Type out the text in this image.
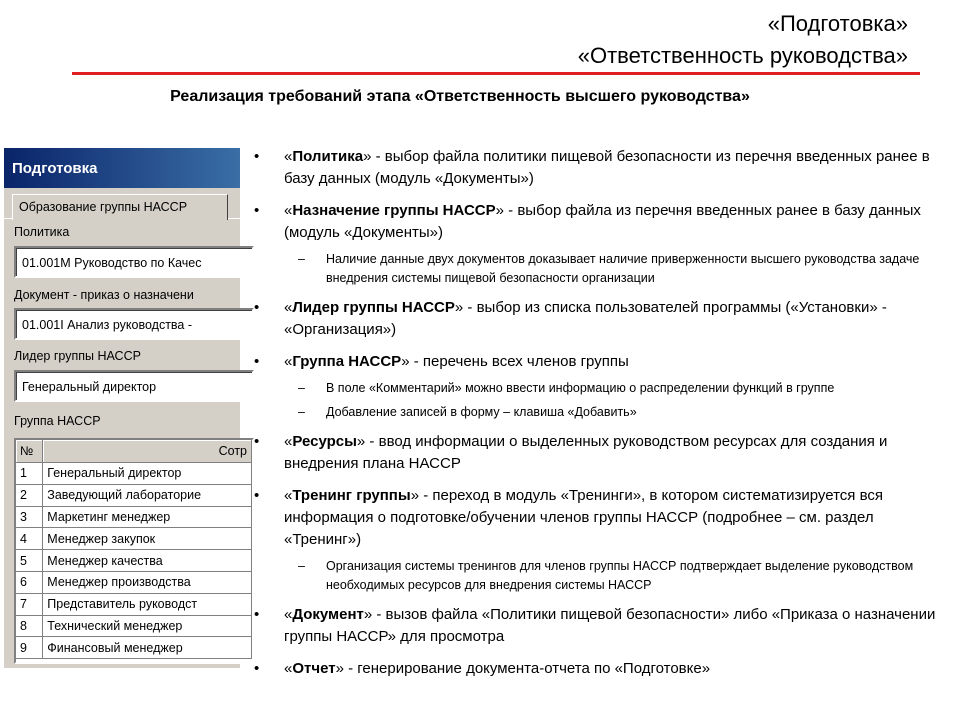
«Подготовка»
«Ответственность руководства»
Реализация требований этапа «Ответственность высшего руководства»
Подготовка
Образование группы НАССР
Политика
01.001М Руководство по Качес
Документ - приказ о назначени
01.001І Анализ руководства -
Лидер группы НАССР
Генеральный директор
Группа НАССР
№	Сотр
1	Генеральный директор
2	Заведующий лабораторие
3	Маркетинг менеджер
4	Менеджер закупок
5	Менеджер качества
6	Менеджер производства
7	Представитель руководст
8	Технический менеджер
9	Финансовый менеджер
• «Политика» - выбор файла политики пищевой безопасности из перечня введенных ранее в базу данных (модуль «Документы»)
• «Назначение группы НАССР» - выбор файла из перечня введенных ранее в базу данных (модуль «Документы»)
– Наличие данные двух документов доказывает наличие приверженности высшего руководства задаче внедрения системы пищевой безопасности организации
• «Лидер группы НАССР» - выбор из списка пользователей программы («Установки» - «Организация»)
• «Группа НАССР» - перечень всех членов группы
– В поле «Комментарий» можно ввести информацию о распределении функций в группе
– Добавление записей в форму – клавиша «Добавить»
• «Ресурсы» - ввод информации о выделенных руководством ресурсах для создания и внедрения плана НАССР
• «Тренинг группы» - переход в модуль «Тренинги», в котором систематизируется вся информация о подготовке/обучении членов группы НАССР (подробнее – см. раздел «Тренинг»)
– Организация системы тренингов для членов группы НАССР подтверждает выделение руководством необходимых ресурсов для внедрения системы НАССР
• «Документ» - вызов файла «Политики пищевой безопасности» либо «Приказа о назначении группы НАССР» для просмотра
• «Отчет» - генерирование документа-отчета по «Подготовке»
